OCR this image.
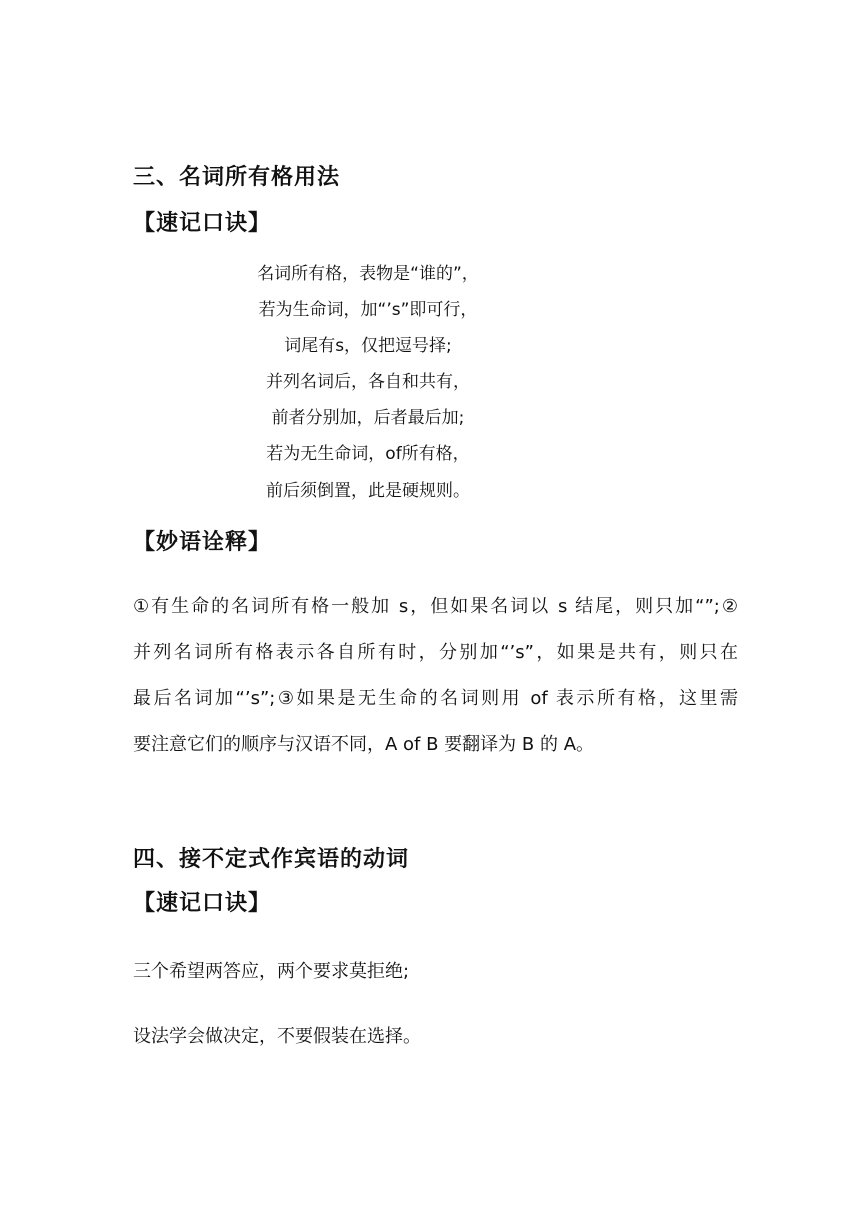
三、名词所有格用法
【速记口诀】
名词所有格，表物是“谁的”，
若为生命词，加“’s”即可行，
词尾有s，仅把逗号择;
并列名词后，各自和共有，
前者分别加，后者最后加;
若为无生命词，of所有格，
前后须倒置，此是硬规则。
【妙语诠释】
①有生命的名词所有格一般加 s，但如果名词以 s 结尾，则只加“”;②
并列名词所有格表示各自所有时，分别加“’s”，如果是共有，则只在
最后名词加“’s”;③如果是无生命的名词则用 of 表示所有格，这里需
要注意它们的顺序与汉语不同，A of B 要翻译为 B 的 A。
四、接不定式作宾语的动词
【速记口诀】
三个希望两答应，两个要求莫拒绝;
设法学会做决定，不要假装在选择。
